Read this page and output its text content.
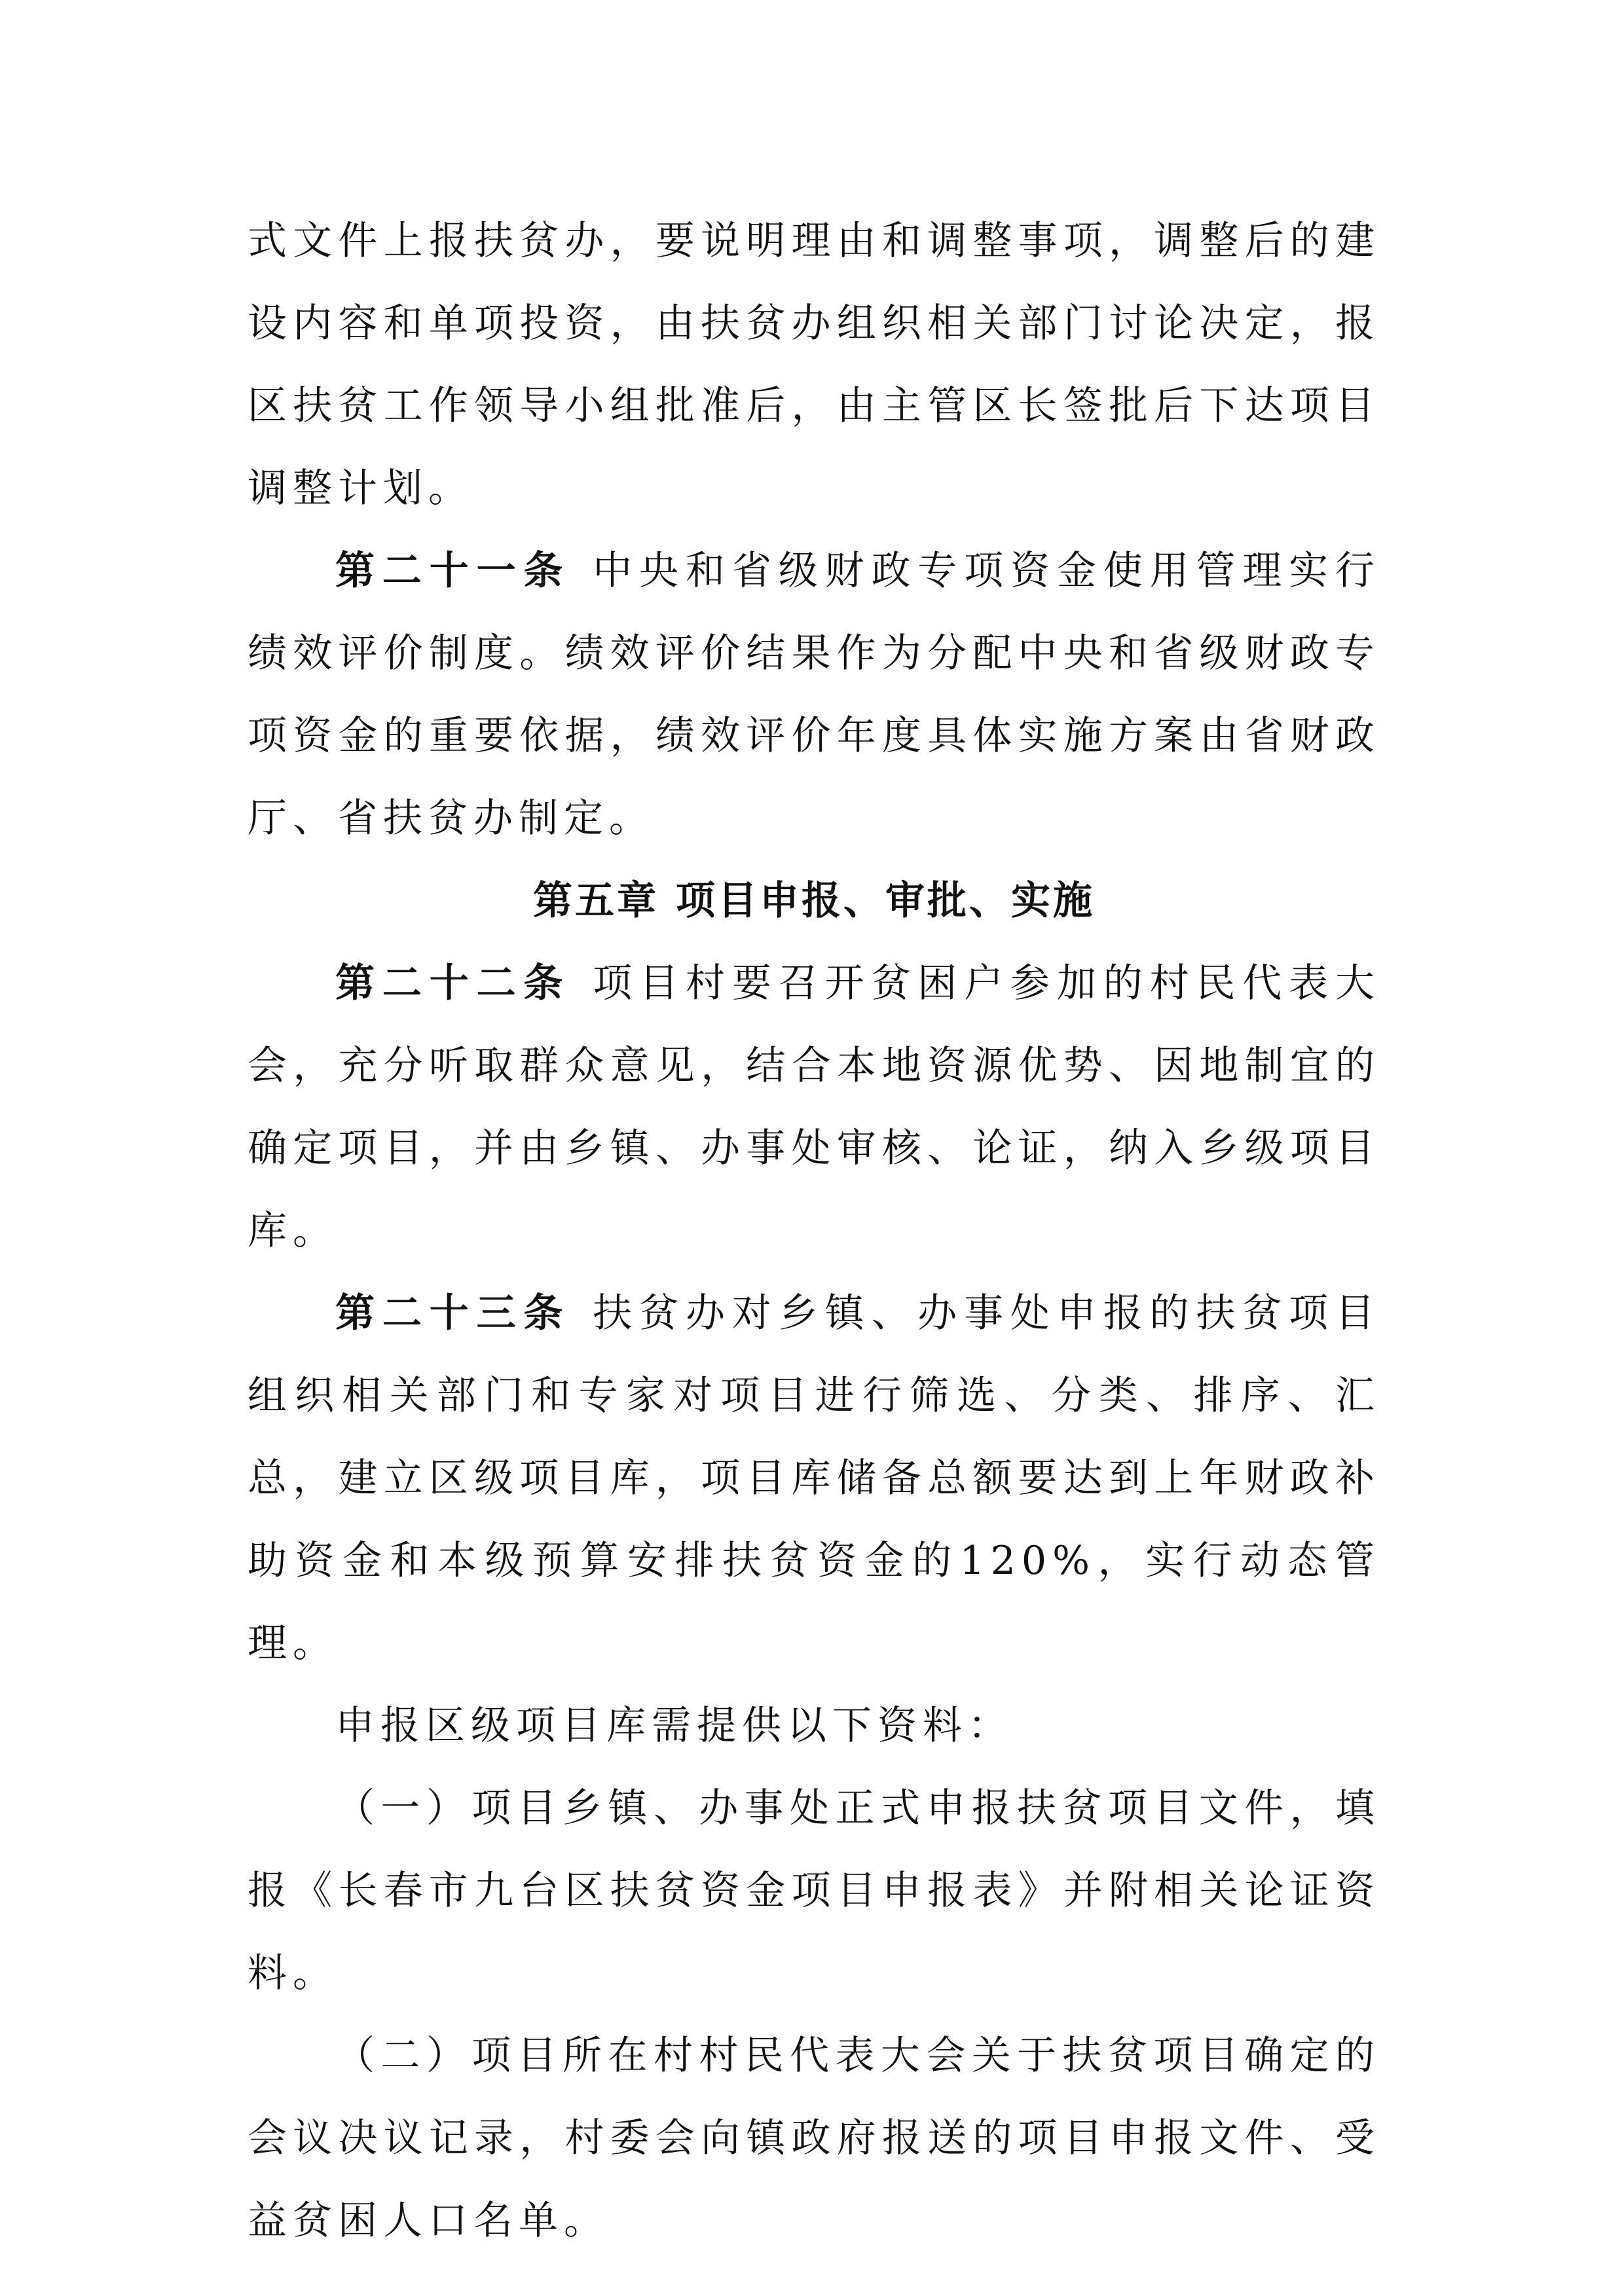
式文件上报扶贫办，要说明理由和调整事项，调整后的建设内容和单项投资，由扶贫办组织相关部门讨论决定，报区扶贫工作领导小组批准后，由主管区长签批后下达项目调整计划。

第二十一条 中央和省级财政专项资金使用管理实行绩效评价制度。绩效评价结果作为分配中央和省级财政专项资金的重要依据，绩效评价年度具体实施方案由省财政厅、省扶贫办制定。

第五章 项目申报、审批、实施

第二十二条 项目村要召开贫困户参加的村民代表大会，充分听取群众意见，结合本地资源优势、因地制宜的确定项目，并由乡镇、办事处审核、论证，纳入乡级项目库。

第二十三条 扶贫办对乡镇、办事处申报的扶贫项目组织相关部门和专家对项目进行筛选、分类、排序、汇总，建立区级项目库，项目库储备总额要达到上年财政补助资金和本级预算安排扶贫资金的120%，实行动态管理。

申报区级项目库需提供以下资料：

（一）项目乡镇、办事处正式申报扶贫项目文件，填报《长春市九台区扶贫资金项目申报表》并附相关论证资料。

（二）项目所在村村民代表大会关于扶贫项目确定的会议决议记录，村委会向镇政府报送的项目申报文件、受益贫困人口名单。
